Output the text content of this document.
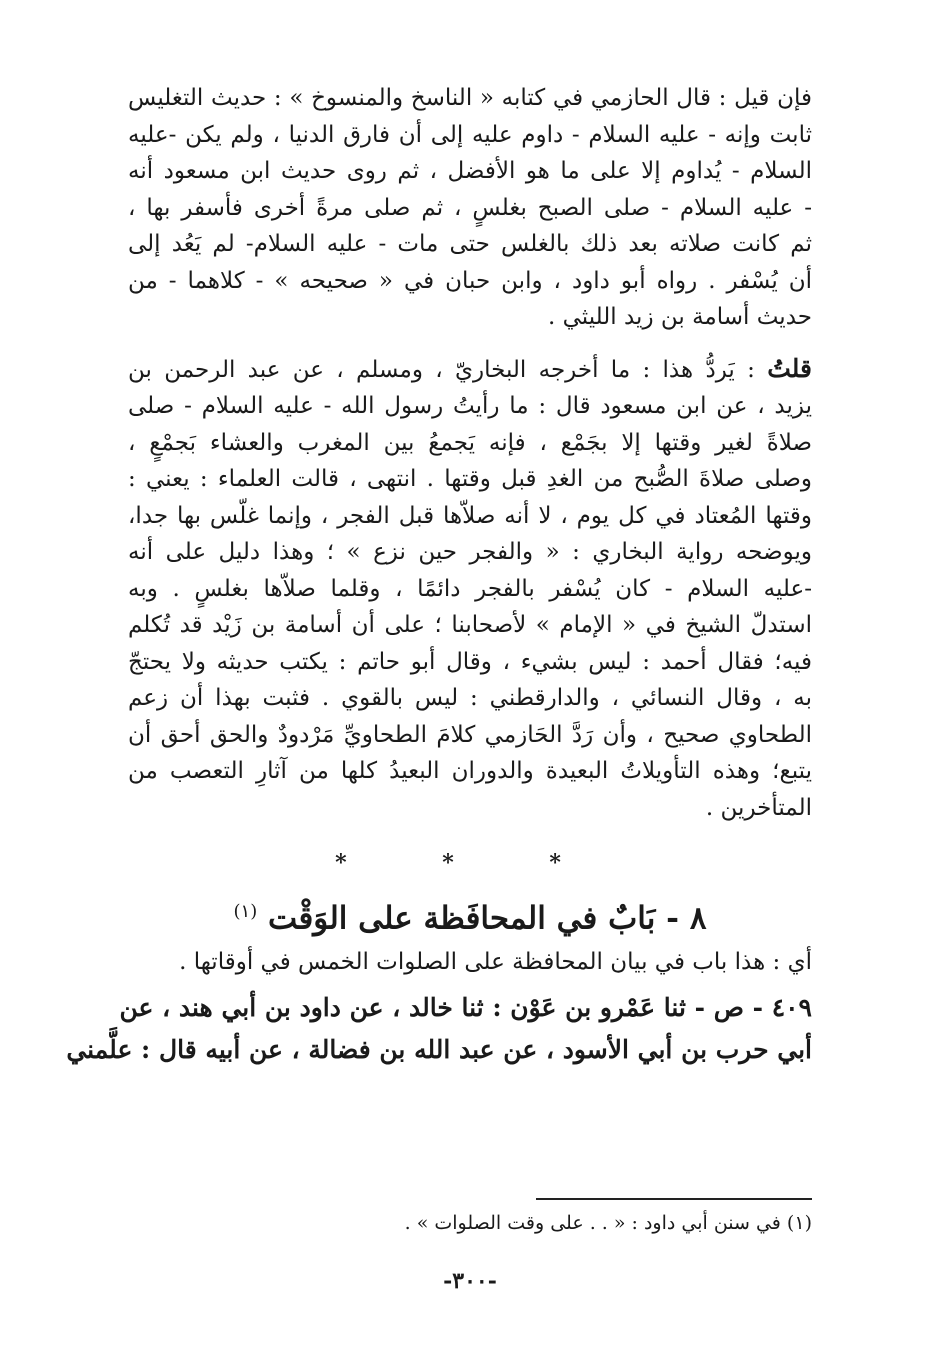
فإن قيل : قال الحازمي في كتابه « الناسخ والمنسوخ » : حديث التغليس
ثابت وإنه - عليه السلام - داوم عليه إلى أن فارق الدنيا ، ولم يكن -عليه
السلام - يُداوم إلا على ما هو الأفضل ، ثم روى حديث ابن مسعود أنه
- عليه السلام - صلى الصبح بغلسٍ ، ثم صلى مرةً أخرى فأسفر بها ،
ثم كانت صلاته بعد ذلك بالغلس حتى مات - عليه السلام- لم يَعُد إلى
أن يُسْفر . رواه أبو داود ، وابن حبان في « صحيحه » - كلاهما - من
حديث أسامة بن زيد الليثي .

قلتُ : يَردُّ هذا : ما أخرجه البخاريّ ، ومسلم ، عن عبد الرحمن بن
يزيد ، عن ابن مسعود قال : ما رأيتُ رسول الله - عليه السلام - صلى
صلاةً لغير وقتها إلا بجَمْع ، فإنه يَجمعُ بين المغرب والعشاء بَجمْعٍ ،
وصلى صلاةَ الصُّبح من الغدِ قبل وقتها . انتهى ، قالت العلماء : يعني :
وقتها المُعتاد في كل يوم ، لا أنه صلاّها قبل الفجر ، وإنما غلّس بها جدا،
ويوضحه رواية البخاري : « والفجر حين نزع » ؛ وهذا دليل على أنه
-عليه السلام - كان يُسْفر بالفجر دائمًا ، وقلما صلاّها بغلسٍ . وبه
استدلّ الشيخ في « الإمام » لأصحابنا ؛ على أن أسامة بن زَيْد قد تُكلم
فيه؛ فقال أحمد : ليس بشيء ، وقال أبو حاتم : يكتب حديثه ولا يحتجّ
به ، وقال النسائي ، والدارقطني : ليس بالقوي . فثبت بهذا أن زعم
الطحاوي صحيح ، وأن رَدَّ الحَازمي كلامَ الطحاويِّ مَرْدودٌ والحق أحق أن
يتبع؛ وهذه التأويلاتُ البعيدة والدوران البعيدُ كلها من آثارِ التعصب من
المتأخرين .

* * *
٨ - بَابٌ في المحافَظة على الوَقْت $^{(١)}$

أي : هذا باب في بيان المحافظة على الصلوات الخمس في أوقاتها .

٤٠٩ - ص - ثنا عَمْرو بن عَوْن : ثنا خالد ، عن داود بن أبي هند ، عن
أبي حرب بن أبي الأسود ، عن عبد الله بن فضالة ، عن أبيه قال : علَّمني
(١) في سنن أبي داود : « . . على وقت الصلوات » .
-٣٠٠-
